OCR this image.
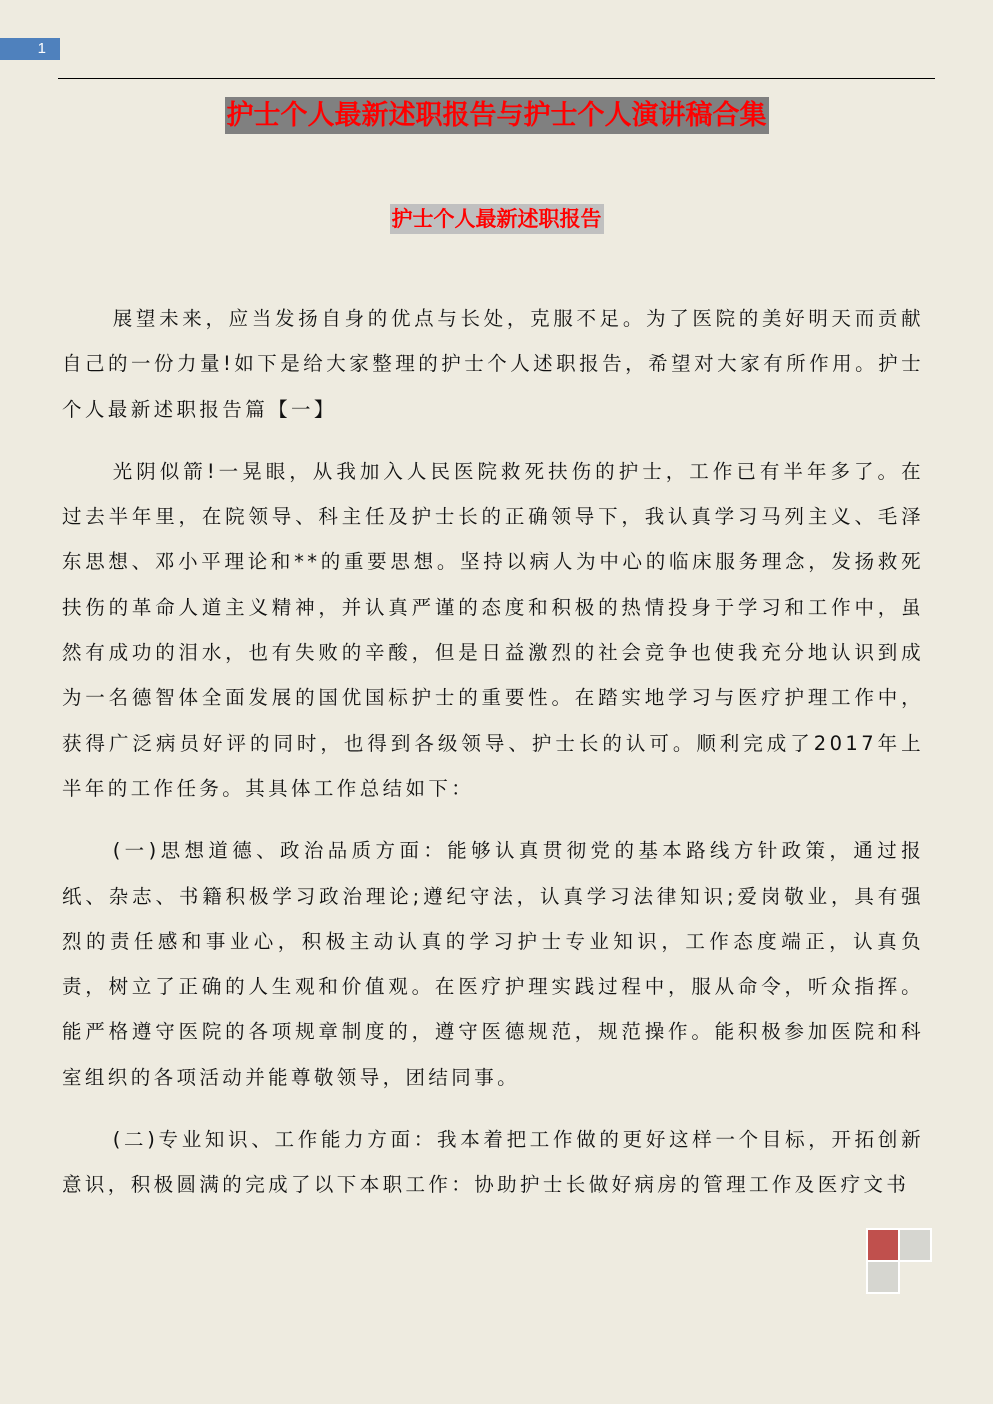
1
护士个人最新述职报告与护士个人演讲稿合集
护士个人最新述职报告

展望未来，应当发扬自身的优点与长处，克服不足。为了医院的美好明天而贡献自己的一份力量!如下是给大家整理的护士个人述职报告，希望对大家有所作用。护士个人最新述职报告篇【一】

光阴似箭!一晃眼，从我加入人民医院救死扶伤的护士，工作已有半年多了。在过去半年里，在院领导、科主任及护士长的正确领导下，我认真学习马列主义、毛泽东思想、邓小平理论和**的重要思想。坚持以病人为中心的临床服务理念，发扬救死扶伤的革命人道主义精神，并认真严谨的态度和积极的热情投身于学习和工作中，虽然有成功的泪水，也有失败的辛酸，但是日益激烈的社会竞争也使我充分地认识到成为一名德智体全面发展的国优国标护士的重要性。在踏实地学习与医疗护理工作中，获得广泛病员好评的同时，也得到各级领导、护士长的认可。顺利完成了2017年上半年的工作任务。其具体工作总结如下：

(一)思想道德、政治品质方面：能够认真贯彻党的基本路线方针政策，通过报纸、杂志、书籍积极学习政治理论;遵纪守法，认真学习法律知识;爱岗敬业，具有强烈的责任感和事业心，积极主动认真的学习护士专业知识，工作态度端正，认真负责，树立了正确的人生观和价值观。在医疗护理实践过程中，服从命令，听众指挥。能严格遵守医院的各项规章制度的，遵守医德规范，规范操作。能积极参加医院和科室组织的各项活动并能尊敬领导，团结同事。

(二)专业知识、工作能力方面：我本着把工作做的更好这样一个目标，开拓创新意识，积极圆满的完成了以下本职工作：协助护士长做好病房的管理工作及医疗文书
